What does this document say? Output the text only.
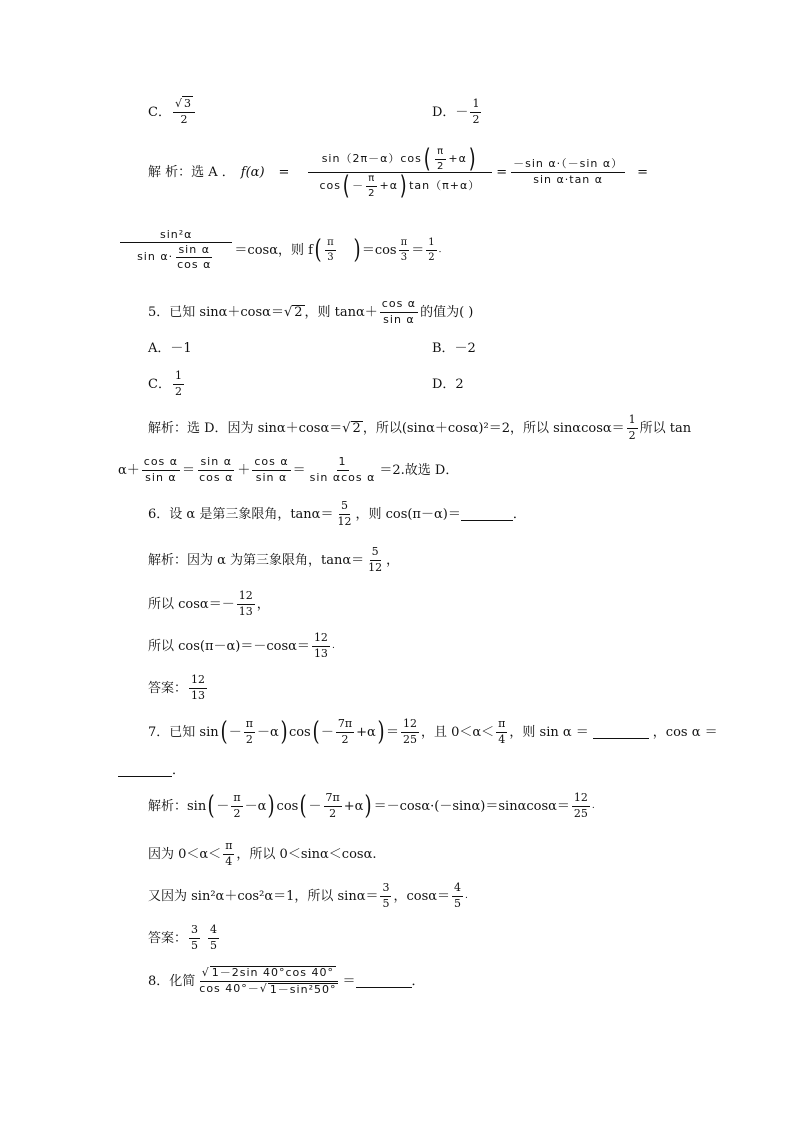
C． $\frac{√ 3}{2}$	D．－ $\frac{1}{2}$
解 析：选 A ． $f(\alpha) = \frac{\sin(2\pi-\alpha)\cos ( \frac{\pi}{2} +\alpha )}{\cos ( - \frac{\pi}{2} +\alpha ) \tan(\pi+\alpha)} = \frac{\text{－sin α·（－sin α）}}{\text{sin α·tan α}}$ =
$\frac{\text{sin²α}}{\sin \alpha\cdot \frac{\text{sin α}}{\text{cos α}}} =\cos\alpha$，则 f ( $\frac{\pi}{3}$ ) $=\cos \frac{\pi}{3} = \frac{1}{2}$ ．
5．已知 sinα＋cosα＝ √ 2 ，则 $\tan\alpha+ \frac{\text{cos α}}{\text{sin α}}$ 的值为( )
A．－1	B．－2
C． $\frac{1}{2}$	D．2
解析：选 D．因为 sinα＋cosα＝ √ 2 ，所以(sinα＋cosα)²＝2，所以 $\sin\alpha\cos\alpha= \frac{1}{2}$ 所以 tan
$\alpha+ \frac{\text{cos α}}{\text{sin α}} = \frac{\text{sin α}}{\text{cos α}} + \frac{\text{cos α}}{\text{sin α}} = \frac{1}{\text{sin αcos α}} =2$.故选 D．
6．设 α 是第三象限角，$\tan\alpha= \frac{5}{12}$ ，则 cos(π－α)＝	．
解析：因为 α 为第三象限角，$\tan\alpha= \frac{5}{12}$ ，
所以 $\cos\alpha=- \frac{12}{13}$ ，
所以 $\cos(\pi-\alpha)=-\cos\alpha= \frac{12}{13}$ .
答案： $\frac{12}{13}$
7．已知 sin ( － $\frac{\pi}{2} -\alpha$ ) cos ( － $\frac{7\pi}{2} +\alpha$ ) ＝ $\frac{12}{25}$ ，且 $0<\alpha< \frac{\pi}{4}$ ，则 sin α ＝	，cos α ＝
．
解析：sin ( － $\frac{\pi}{2} -\alpha$ ) cos ( － $\frac{7\pi}{2} +\alpha$ ) $=-\cos\alpha\cdot(-\sin\alpha)=\sin\alpha\cos\alpha= \frac{12}{25}$ .
因为 $0<\alpha< \frac{\pi}{4}$ ，所以 0＜sinα＜cosα.
又因为 sin²α＋cos²α＝1，所以 $\sin\alpha= \frac{3}{5}$ ，$\cos\alpha= \frac{4}{5}$ .
答案： $\frac{3}{5} \frac{4}{5}$
8．化简 $\frac{√ 1-2\sin 40^\circ\cos 40^\circ}{\text{cos 40°－ √ 1－sin²50°}}$ ＝	．
